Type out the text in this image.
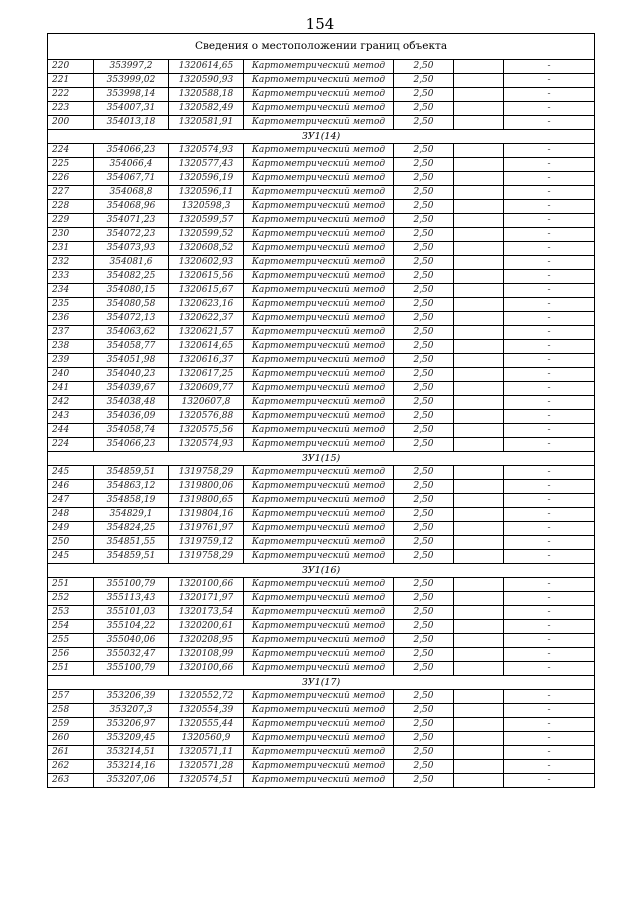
154
Сведения о местоположении границ объекта						
220	353997,2	1320614,65	Картометрический метод	2,50		-
221	353999,02	1320590,93	Картометрический метод	2,50		-
222	353998,14	1320588,18	Картометрический метод	2,50		-
223	354007,31	1320582,49	Картометрический метод	2,50		-
200	354013,18	1320581,91	Картометрический метод	2,50		-
ЗУ1(14)						
224	354066,23	1320574,93	Картометрический метод	2,50		-
225	354066,4	1320577,43	Картометрический метод	2,50		-
226	354067,71	1320596,19	Картометрический метод	2,50		-
227	354068,8	1320596,11	Картометрический метод	2,50		-
228	354068,96	1320598,3	Картометрический метод	2,50		-
229	354071,23	1320599,57	Картометрический метод	2,50		-
230	354072,23	1320599,52	Картометрический метод	2,50		-
231	354073,93	1320608,52	Картометрический метод	2,50		-
232	354081,6	1320602,93	Картометрический метод	2,50		-
233	354082,25	1320615,56	Картометрический метод	2,50		-
234	354080,15	1320615,67	Картометрический метод	2,50		-
235	354080,58	1320623,16	Картометрический метод	2,50		-
236	354072,13	1320622,37	Картометрический метод	2,50		-
237	354063,62	1320621,57	Картометрический метод	2,50		-
238	354058,77	1320614,65	Картометрический метод	2,50		-
239	354051,98	1320616,37	Картометрический метод	2,50		-
240	354040,23	1320617,25	Картометрический метод	2,50		-
241	354039,67	1320609,77	Картометрический метод	2,50		-
242	354038,48	1320607,8	Картометрический метод	2,50		-
243	354036,09	1320576,88	Картометрический метод	2,50		-
244	354058,74	1320575,56	Картометрический метод	2,50		-
224	354066,23	1320574,93	Картометрический метод	2,50		-
ЗУ1(15)						
245	354859,51	1319758,29	Картометрический метод	2,50		-
246	354863,12	1319800,06	Картометрический метод	2,50		-
247	354858,19	1319800,65	Картометрический метод	2,50		-
248	354829,1	1319804,16	Картометрический метод	2,50		-
249	354824,25	1319761,97	Картометрический метод	2,50		-
250	354851,55	1319759,12	Картометрический метод	2,50		-
245	354859,51	1319758,29	Картометрический метод	2,50		-
ЗУ1(16)						
251	355100,79	1320100,66	Картометрический метод	2,50		-
252	355113,43	1320171,97	Картометрический метод	2,50		-
253	355101,03	1320173,54	Картометрический метод	2,50		-
254	355104,22	1320200,61	Картометрический метод	2,50		-
255	355040,06	1320208,95	Картометрический метод	2,50		-
256	355032,47	1320108,99	Картометрический метод	2,50		-
251	355100,79	1320100,66	Картометрический метод	2,50		-
ЗУ1(17)						
257	353206,39	1320552,72	Картометрический метод	2,50		-
258	353207,3	1320554,39	Картометрический метод	2,50		-
259	353206,97	1320555,44	Картометрический метод	2,50		-
260	353209,45	1320560,9	Картометрический метод	2,50		-
261	353214,51	1320571,11	Картометрический метод	2,50		-
262	353214,16	1320571,28	Картометрический метод	2,50		-
263	353207,06	1320574,51	Картометрический метод	2,50		-
